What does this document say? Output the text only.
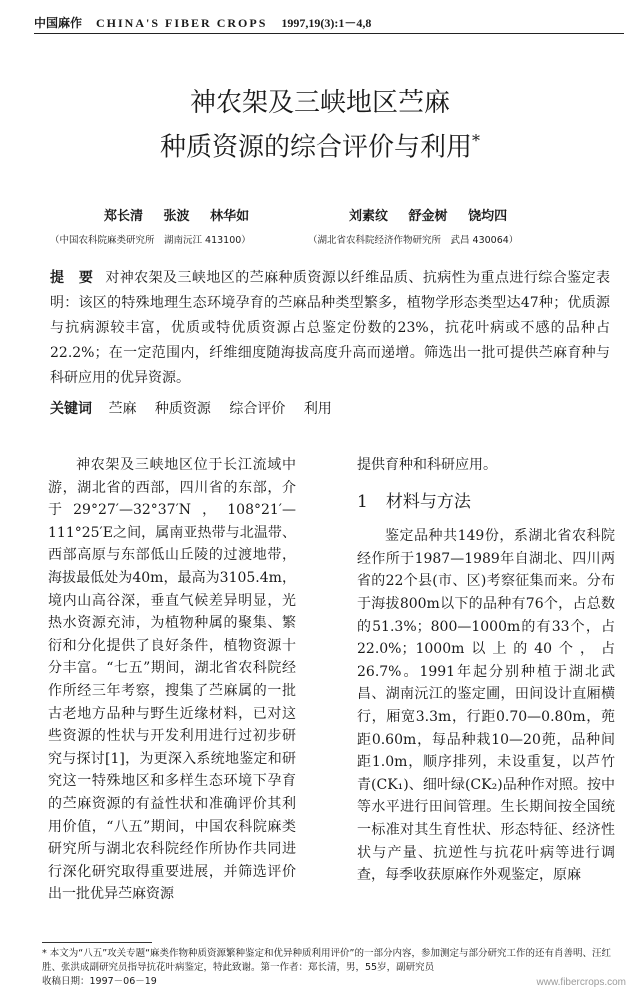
中国麻作 CHINA'S FIBER CROPS 1997,19(3):1－4,8
神农架及三峡地区苎麻
种质资源的综合评价与利用*
郑长清 张波 林华如	刘素纹 舒金树 饶均四
（中国农科院麻类研究所　湖南沅江 413100）	（湖北省农科院经济作物研究所　武昌 430064）
提　要 对神农架及三峡地区的苎麻种质资源以纤维品质、抗病性为重点进行综合鉴定表明：该区的特殊地理生态环境孕育的苎麻品种类型繁多，植物学形态类型达47种；优质源与抗病源较丰富，优质或特优质资源占总鉴定份数的23%，抗花叶病或不感的品种占22.2%；在一定范围内，纤维细度随海拔高度升高而递增。筛选出一批可提供苎麻育种与科研应用的优异资源。
关键词 苎麻 种质资源 综合评价 利用
神农架及三峡地区位于长江流域中游，湖北省的西部，四川省的东部，介于29°27′—32°37′N，108°21′—111°25′E之间，属南亚热带与北温带、西部高原与东部低山丘陵的过渡地带，海拔最低处为40m，最高为3105.4m，境内山高谷深，垂直气候差异明显，光热水资源充沛，为植物种属的聚集、繁衍和分化提供了良好条件，植物资源十分丰富。“七五”期间，湖北省农科院经作所经三年考察，搜集了苎麻属的一批古老地方品种与野生近缘材料，已对这些资源的性状与开发利用进行过初步研究与探讨[1]，为更深入系统地鉴定和研究这一特殊地区和多样生态环境下孕育的苎麻资源的有益性状和准确评价其利用价值，“八五”期间，中国农科院麻类研究所与湖北农科院经作所协作共同进行深化研究取得重要进展，并筛选评价出一批优异苎麻资源

提供育种和科研应用。

1 材料与方法

鉴定品种共149份，系湖北省农科院经作所于1987—1989年自湖北、四川两省的22个县(市、区)考察征集而来。分布于海拔800m以下的品种有76个，占总数的51.3%；800—1000m的有33个，占22.0%；1000m以上的40个，占26.7%。1991年起分别种植于湖北武昌、湖南沅江的鉴定圃，田间设计直厢横行，厢宽3.3m，行距0.70—0.80m，蔸距0.60m，每品种栽10—20蔸，品种间距1.0m，顺序排列，未设重复，以芦竹青(CK₁)、细叶绿(CK₂)品种作对照。按中等水平进行田间管理。生长期间按全国统一标准对其生育性状、形态特征、经济性状与产量、抗逆性与抗花叶病等进行调查，每季收获原麻作外观鉴定，原麻

* 本文为“八五”攻关专题“麻类作物种质资源繁种鉴定和优异种质利用评价”的一部分内容，参加测定与部分研究工作的还有肖善明、汪红胜、张洪成副研究员指导抗花叶病鉴定，特此致谢。第一作者：郑长清，男，55岁，副研究员
收稿日期：1997－06－19	www.fibercrops.com
